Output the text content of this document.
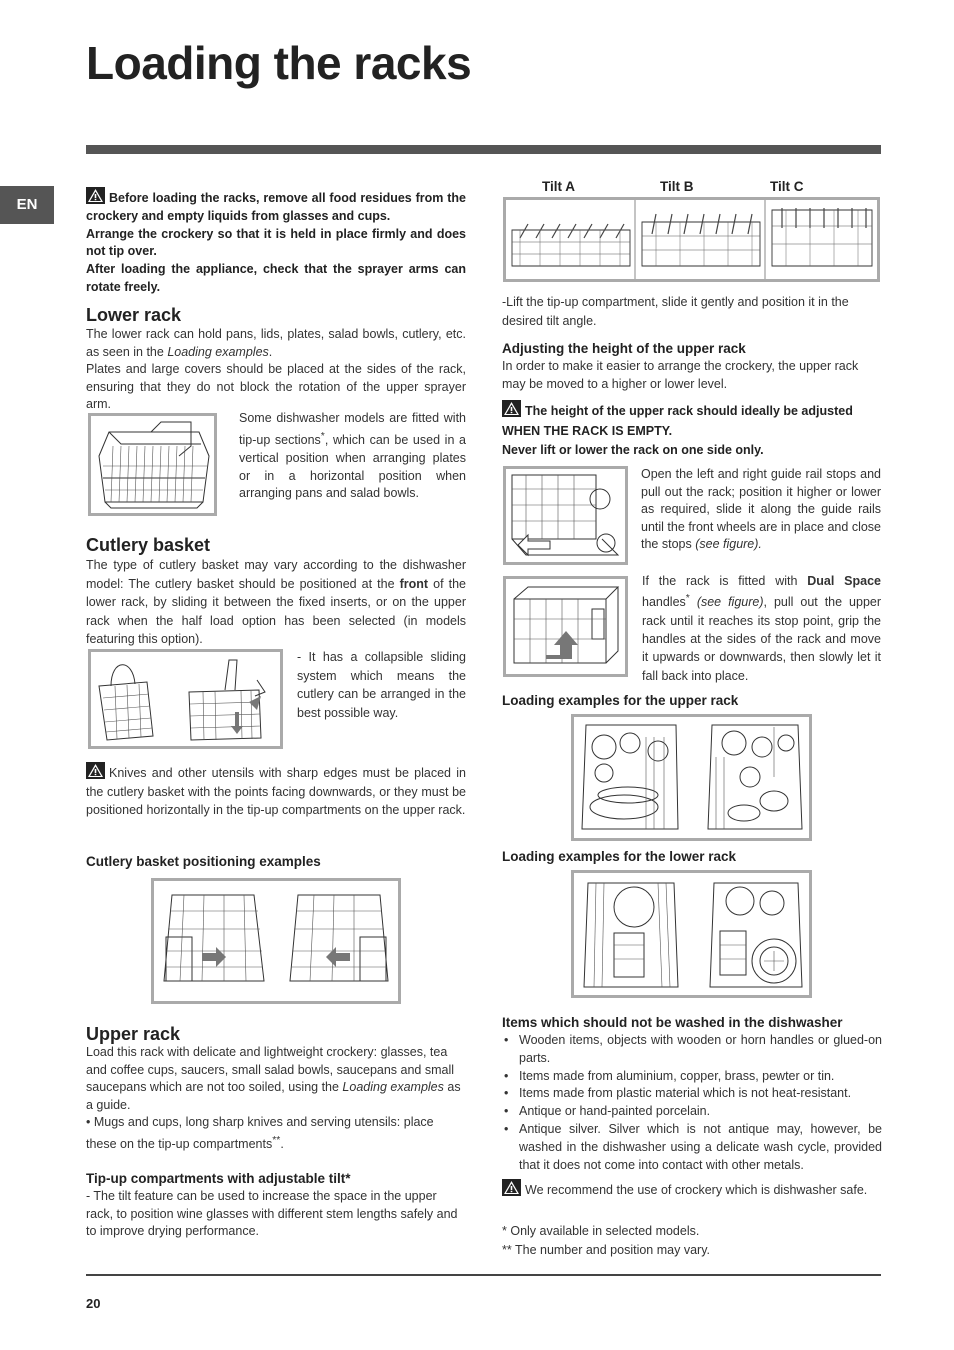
Loading the racks
EN	Before loading the racks, remove all food residues from the crockery and empty liquids from glasses and cups.
Arrange the crockery so that it is held in place firmly and does not tip over.
After loading the appliance, check that the sprayer arms can rotate freely.
Lower rack
The lower rack can hold pans, lids, plates, salad bowls, cutlery, etc. as seen in the Loading examples.
Plates and large covers should be placed at the sides of the rack, ensuring that they do not block the rotation of the upper sprayer arm.
Some dishwasher models are fitted with tip-up sections*, which can be used in a vertical position when arranging plates or in a horizontal position when arranging pans and salad bowls.
Cutlery basket
The type of cutlery basket may vary according to the dishwasher model: The cutlery basket should be positioned at the front of the lower rack, by sliding it between the fixed inserts, or on the upper rack when the half load option has been selected (in models featuring this option).
- It has a collapsible sliding system which means the cutlery can be arranged in the best possible way.
Knives and other utensils with sharp edges must be placed in the cutlery basket with the points facing downwards, or they must be positioned horizontally in the tip-up compartments on the upper rack.
Cutlery basket positioning examples
Upper rack
Load this rack with delicate and lightweight crockery: glasses, tea and coffee cups, saucers, small salad bowls, saucepans and small saucepans which are not too soiled, using the Loading examples as a guide.
• Mugs and cups, long sharp knives and serving utensils: place these on the tip-up compartments**.
Tip-up compartments with adjustable tilt*
- The tilt feature can be used to increase the space in the upper rack, to position wine glasses with different stem lengths safely and to improve drying performance.
Tilt A	Tilt B	Tilt C
-Lift the tip-up compartment, slide it gently and position it in the desired tilt angle.
Adjusting the height of the upper rack
In order to make it easier to arrange the crockery, the upper rack may be moved to a higher or lower level.
The height of the upper rack should ideally be adjusted WHEN THE RACK IS EMPTY.
Never lift or lower the rack on one side only.
Open the left and right guide rail stops and pull out the rack; position it higher or lower as required, slide it along the guide rails until the front wheels are in place and close the stops (see figure).
If the rack is fitted with Dual Space handles* (see figure), pull out the upper rack until it reaches its stop point, grip the handles at the sides of the rack and move it upwards or downwards, then slowly let it fall back into place.
Loading examples for the upper rack
Loading examples for the lower rack
Items which should not be washed in the dishwasher
• Wooden items, objects with wooden or horn handles or glued-on parts.
• Items made from aluminium, copper, brass, pewter or tin.
• Items made from plastic material which is not heat-resistant.
• Antique or hand-painted porcelain.
• Antique silver. Silver which is not antique may, however, be washed in the dishwasher using a delicate wash cycle, provided that it does not come into contact with other metals.
We recommend the use of crockery which is dishwasher safe.
* Only available in selected models.
** The number and position may vary.
20
